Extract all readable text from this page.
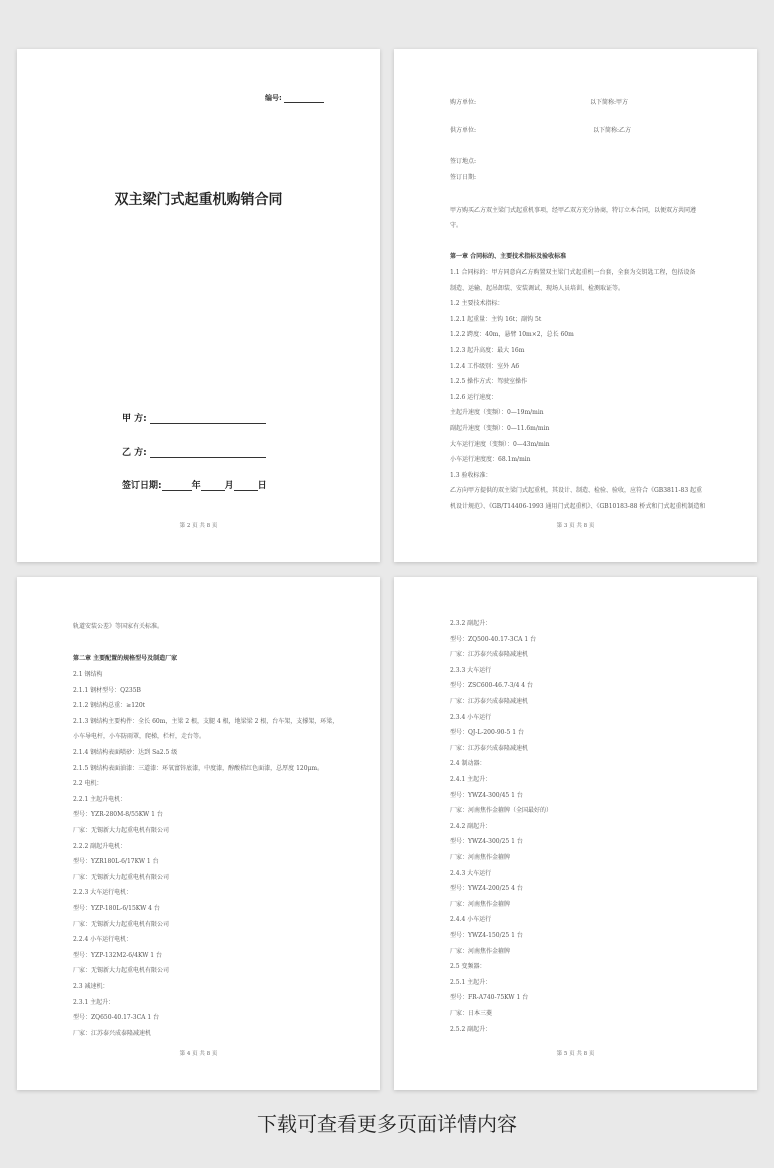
编号:
双主梁门式起重机购销合同
甲 方:
乙 方:
签订日期:	年	月	日
第 2 页 共 8 页
购方单位:	以下简称:甲方
供方单位:	以下简称:乙方
签订地点:
签订日期:
甲方购买乙方双主梁门式起重机事项，经甲乙双方充分协商，特订立本合同，以便双方共同遵
守。
第一章 合同标的、主要技术指标及验收标准
1.1 合同标的：甲方同意向乙方购置双主梁门式起重机一台套，全套为交钥匙工程，包括设备
制造、运输、起吊卸装、安装调试、现场人员培训、检测取证等。
1.2 主要技术指标：
1.2.1 起重量：主钩 16t；副钩 5t
1.2.2 跨度：40m，悬臂 10m×2，总长 60m
1.2.3 起升高度：最大 16m
1.2.4 工作级别：室外 A6
1.2.5 操作方式：驾驶室操作
1.2.6 运行速度：
主起升速度（变频）：0—19m/min
副起升速度（变频）：0—11.6m/min
大车运行速度（变频）：0—43m/min
小车运行速度度：68.1m/min
1.3 验收标准：
乙方向甲方提供的双主梁门式起重机，其设计、制造、检验、验收，应符合《GB3811-83 起重
机设计规范》、《GB/T14406-1993 通用门式起重机》、《GB10183-88 桥式和门式起重机制造和
第 3 页 共 8 页
轨道安装公差》等国家有关标准。
第二章 主要配置的规格型号及制造厂家
2.1 钢结构
2.1.1 钢材型号：Q235B
2.1.2 钢结构总重：≥120t
2.1.3 钢结构主要构件：全长 60m，主梁 2 根，支腿 4 根，地梁梁 2 根，台车架，支撑架，环梁，
小车导电杆，小车防雨罩，爬梯，栏杆，走台等。
2.1.4 钢结构表面喷砂：达到 Sa2.5 级
2.1.5 钢结构表面油漆：三道漆：环氧富锌底漆，中度漆，醇酸桔红色面漆，总厚度 120μm。
2.2 电机：
2.2.1 主起升电机：
型号：YZR-280M-8/55KW 1 台
厂家：无锡新大力起重电机有限公司
2.2.2 副起升电机：
型号：YZR180L-6/17KW 1 台
厂家：无锡新大力起重电机有限公司
2.2.3 大车运行电机：
型号：YZP-180L-6/15KW 4 台
厂家：无锡新大力起重电机有限公司
2.2.4 小车运行电机：
型号：YZP-132M2-6/4KW 1 台
厂家：无锡新大力起重电机有限公司
2.3 减速机：
2.3.1 主起升：
型号：ZQ650-40.17-3CA 1 台
厂家：江苏泰兴成泰隆减速机
第 4 页 共 8 页
2.3.2 副起升：
型号：ZQ500-40.17-3CA 1 台
厂家：江苏泰兴成泰隆减速机
2.3.3 大车运行
型号：ZSC600-46.7-3/4 4 台
厂家：江苏泰兴成泰隆减速机
2.3.4 小车运行
型号：QJ-L-200-90-5 1 台
厂家：江苏泰兴成泰隆减速机
2.4 制动器：
2.4.1 主起升：
型号：YWZ4-300/45 1 台
厂家：河南焦作金箍牌（全国最好的）
2.4.2 副起升：
型号：YWZ4-300/25 1 台
厂家：河南焦作金箍牌
2.4.3 大车运行
型号：YWZ4-200/25 4 台
厂家：河南焦作金箍牌
2.4.4 小车运行
型号：YWZ4-150/25 1 台
厂家：河南焦作金箍牌
2.5 变频器：
2.5.1 主起升：
型号：FR-A740-75KW 1 台
厂家：日本三菱
2.5.2 副起升：
第 5 页 共 8 页
下载可查看更多页面详情内容
